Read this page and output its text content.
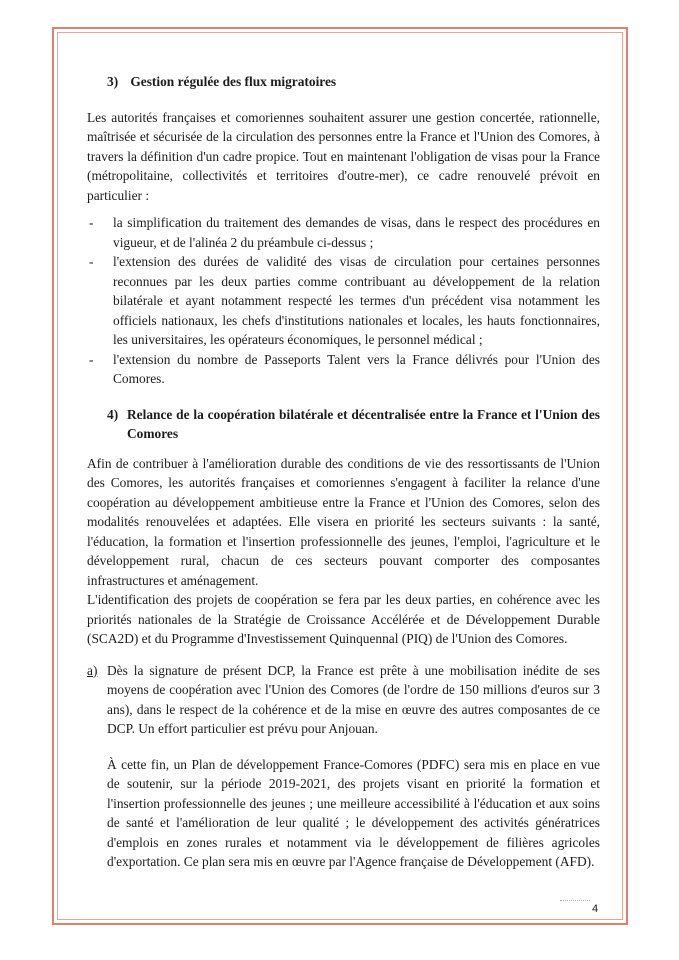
3) Gestion régulée des flux migratoires

Les autorités françaises et comoriennes souhaitent assurer une gestion concertée, rationnelle, maîtrisée et sécurisée de la circulation des personnes entre la France et l'Union des Comores, à travers la définition d'un cadre propice. Tout en maintenant l'obligation de visas pour la France (métropolitaine, collectivités et territoires d'outre-mer), ce cadre renouvelé prévoit en particulier :

- la simplification du traitement des demandes de visas, dans le respect des procédures en vigueur, et de l'alinéa 2 du préambule ci-dessus ;
- l'extension des durées de validité des visas de circulation pour certaines personnes reconnues par les deux parties comme contribuant au développement de la relation bilatérale et ayant notamment respecté les termes d'un précédent visa notamment les officiels nationaux, les chefs d'institutions nationales et locales, les hauts fonctionnaires, les universitaires, les opérateurs économiques, le personnel médical ;
- l'extension du nombre de Passeports Talent vers la France délivrés pour l'Union des Comores.

4) Relance de la coopération bilatérale et décentralisée entre la France et l'Union des Comores

Afin de contribuer à l'amélioration durable des conditions de vie des ressortissants de l'Union des Comores, les autorités françaises et comoriennes s'engagent à faciliter la relance d'une coopération au développement ambitieuse entre la France et l'Union des Comores, selon des modalités renouvelées et adaptées. Elle visera en priorité les secteurs suivants : la santé, l'éducation, la formation et l'insertion professionnelle des jeunes, l'emploi, l'agriculture et le développement rural, chacun de ces secteurs pouvant comporter des composantes infrastructures et aménagement.

L'identification des projets de coopération se fera par les deux parties, en cohérence avec les priorités nationales de la Stratégie de Croissance Accélérée et de Développement Durable (SCA2D) et du Programme d'Investissement Quinquennal (PIQ) de l'Union des Comores.

a) Dès la signature de présent DCP, la France est prête à une mobilisation inédite de ses moyens de coopération avec l'Union des Comores (de l'ordre de 150 millions d'euros sur 3 ans), dans le respect de la cohérence et de la mise en œuvre des autres composantes de ce DCP. Un effort particulier est prévu pour Anjouan.

À cette fin, un Plan de développement France-Comores (PDFC) sera mis en place en vue de soutenir, sur la période 2019-2021, des projets visant en priorité la formation et l'insertion professionnelle des jeunes ; une meilleure accessibilité à l'éducation et aux soins de santé et l'amélioration de leur qualité ; le développement des activités génératrices d'emplois en zones rurales et notamment via le développement de filières agricoles d'exportation. Ce plan sera mis en œuvre par l'Agence française de Développement (AFD).

4
